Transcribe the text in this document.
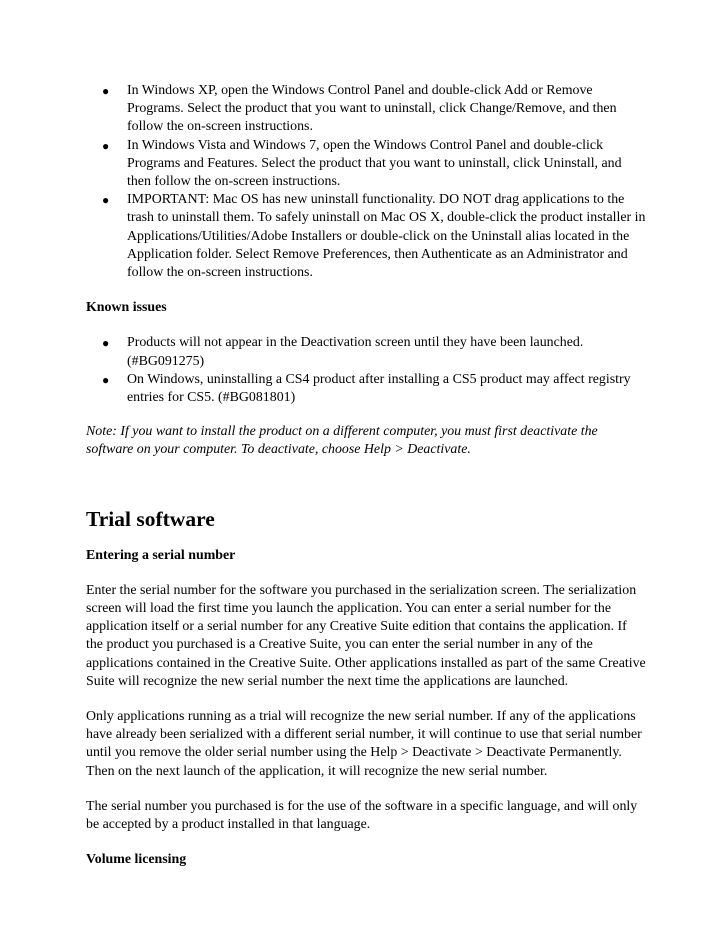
● In Windows XP, open the Windows Control Panel and double-click Add or Remove Programs. Select the product that you want to uninstall, click Change/Remove, and then follow the on-screen instructions.
● In Windows Vista and Windows 7, open the Windows Control Panel and double-click Programs and Features. Select the product that you want to uninstall, click Uninstall, and then follow the on-screen instructions.
● IMPORTANT: Mac OS has new uninstall functionality. DO NOT drag applications to the trash to uninstall them. To safely uninstall on Mac OS X, double-click the product installer in Applications/Utilities/Adobe Installers or double-click on the Uninstall alias located in the Application folder. Select Remove Preferences, then Authenticate as an Administrator and follow the on-screen instructions.

Known issues

● Products will not appear in the Deactivation screen until they have been launched. (#BG091275)
● On Windows, uninstalling a CS4 product after installing a CS5 product may affect registry entries for CS5. (#BG081801)

Note: If you want to install the product on a different computer, you must first deactivate the software on your computer. To deactivate, choose Help > Deactivate.

Trial software

Entering a serial number

Enter the serial number for the software you purchased in the serialization screen. The serialization screen will load the first time you launch the application. You can enter a serial number for the application itself or a serial number for any Creative Suite edition that contains the application. If the product you purchased is a Creative Suite, you can enter the serial number in any of the applications contained in the Creative Suite. Other applications installed as part of the same Creative Suite will recognize the new serial number the next time the applications are launched.

Only applications running as a trial will recognize the new serial number. If any of the applications have already been serialized with a different serial number, it will continue to use that serial number until you remove the older serial number using the Help > Deactivate > Deactivate Permanently. Then on the next launch of the application, it will recognize the new serial number.

The serial number you purchased is for the use of the software in a specific language, and will only be accepted by a product installed in that language.

Volume licensing
